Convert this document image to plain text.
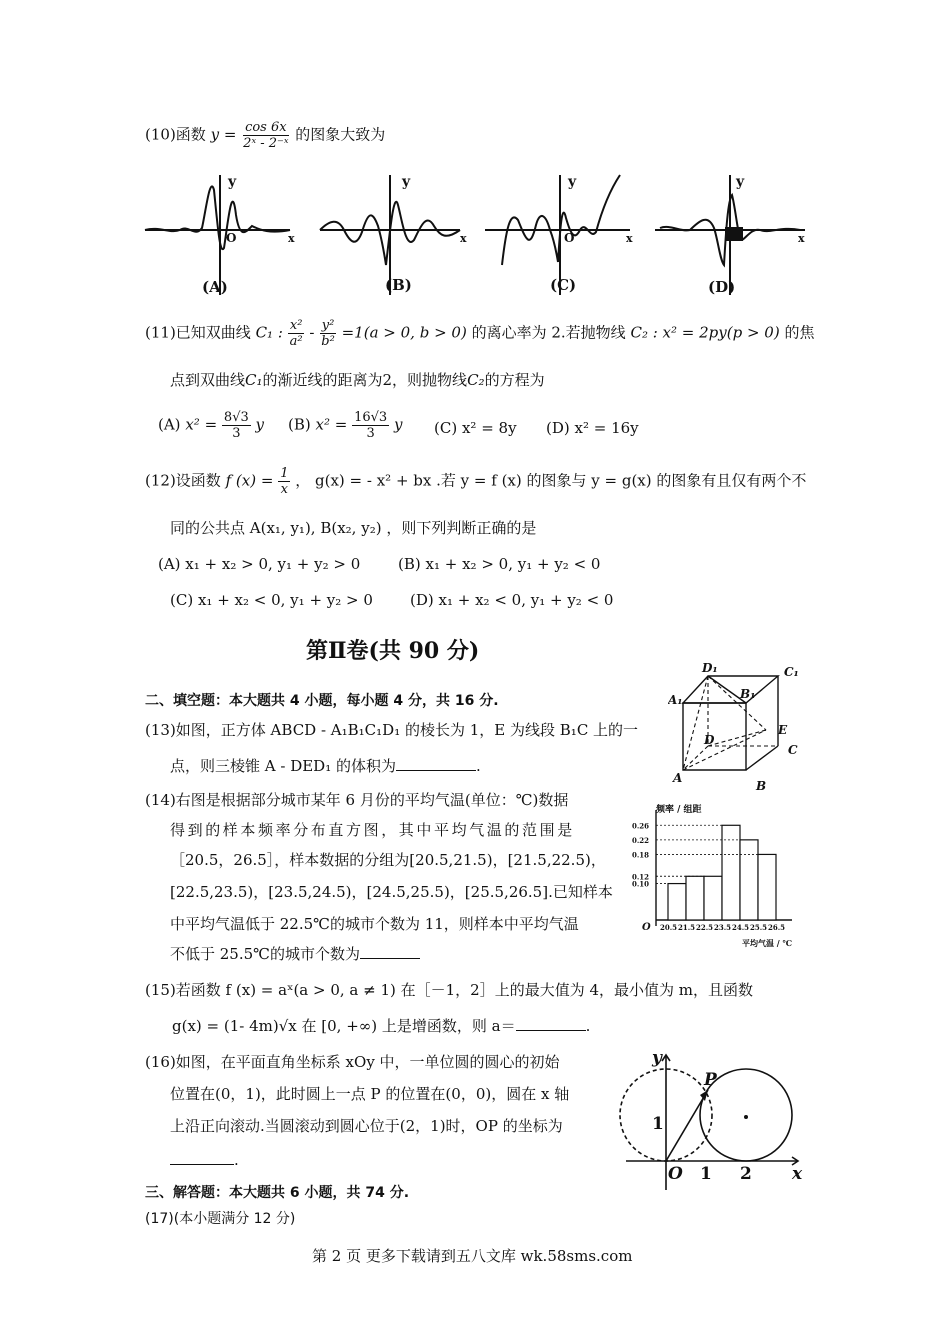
(10)函数 $y = \frac{\cos 6x}{\text{2ˣ - 2⁻ˣ}}$ 的图象大致为
y
x
O
y
x
y
x
O
y
x
(A)	(B)	(C)	(D)
(11)已知双曲线 C₁ : $\frac{\text{x²}}{\text{a²}} - \frac{\text{y²}}{\text{b²}} =1(a > 0$, b > 0) 的离心率为 2.若抛物线 C₂ : x² = 2py(p > 0) 的焦
点到双曲线C₁的渐近线的距离为2，则抛物线C₂的方程为
(A) $x^2 = \frac{8√3}{3}$ y (B) $x^2 = \frac{16√3}{3}$ y (C) x² = 8y (D) x² = 16y
(12)设函数 f $(x) = \frac{1}{x}$ ， g(x) = - x² + bx .若 y = f (x) 的图象与 y = g(x) 的图象有且仅有两个不
同的公共点 A(x₁, y₁), B(x₂, y₂) ，则下列判断正确的是
(A) x₁ + x₂ > 0, y₁ + y₂ > 0	(B) x₁ + x₂ > 0, y₁ + y₂ < 0
(C) x₁ + x₂ < 0, y₁ + y₂ > 0 (D) x₁ + x₂ < 0, y₁ + y₂ < 0
第Ⅱ卷(共 90 分)
二、填空题：本大题共 4 小题，每小题 4 分，共 16 分.
(13)如图，正方体 ABCD - A₁B₁C₁D₁ 的棱长为 1，E 为线段 B₁C 上的一
点，则三棱锥 A - DED₁ 的体积为	.
D₁	C₁
A₁	B₁
E
D
C
A
B
(14)右图是根据部分城市某年 6 月份的平均气温(单位：℃)数据
得到的样本频率分布直方图，其中平均气温的范围是
［20.5，26.5］，样本数据的分组为[20.5,21.5)，[21.5,22.5)，
[22.5,23.5)，[23.5,24.5)，[24.5,25.5)，[25.5,26.5].已知样本
中平均气温低于 22.5℃的城市个数为 11，则样本中平均气温
不低于 25.5℃的城市个数为
频率 / 组距
平均气温 / ℃
O
0.26
0.22
0.18
0.12
0.10
20.5 21.5 22.5 23.5 24.5 25.5 26.5
(15)若函数 f (x) = aˣ(a > 0, a ≠ 1) 在［－1，2］上的最大值为 4，最小值为 m，且函数
g(x) = (1- 4m)√x 在 [0, +∞) 上是增函数，则 a＝	.
(16)如图，在平面直角坐标系 xOy 中，一单位圆的圆心的初始
位置在(0，1)，此时圆上一点 P 的位置在(0，0)，圆在 x 轴
上沿正向滚动.当圆滚动到圆心位于(2，1)时，OP 的坐标为
.
y
P
1
O 1 2 x
三、解答题：本大题共 6 小题，共 74 分.
(17)(本小题满分 12 分)
第 2 页 更多下载请到五八文库 wk.58sms.com
